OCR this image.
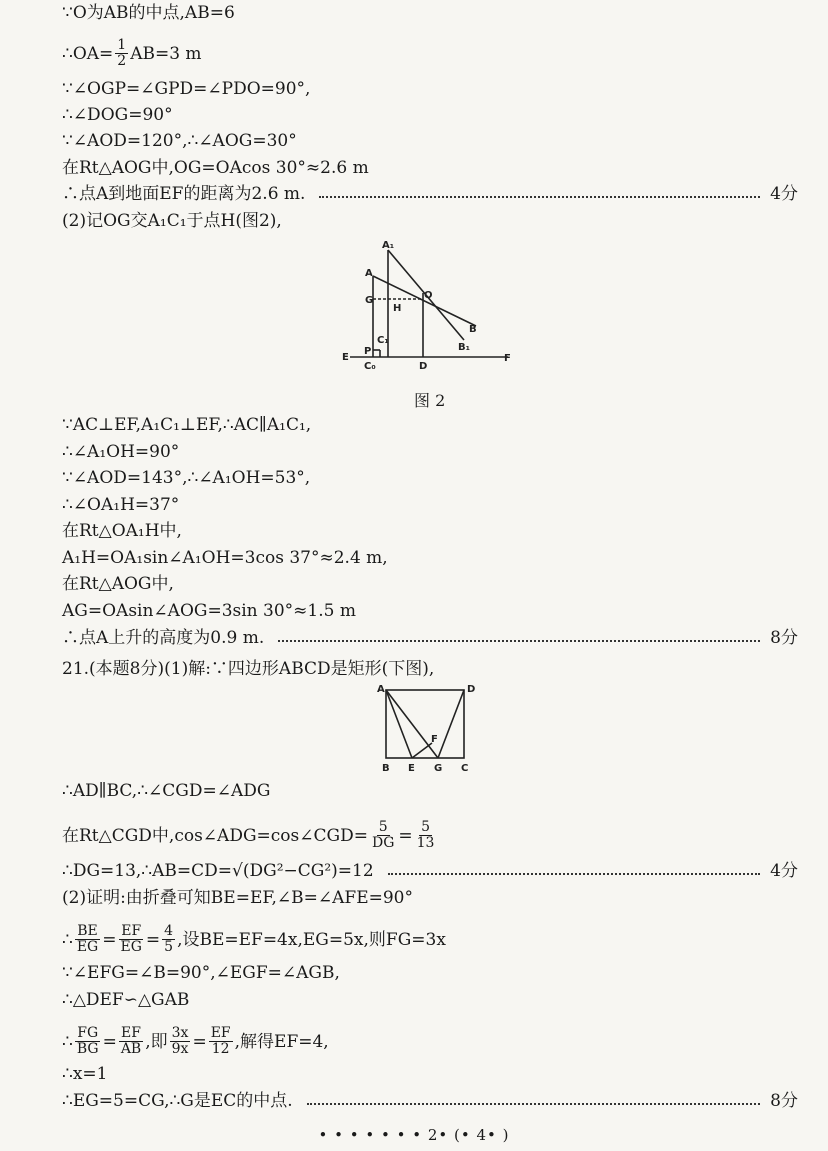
∵O为AB的中点,AB=6
∴OA= $\frac{1}{2} AB=3$ m
∵∠OGP=∠GPD=∠PDO=90°,
∴∠DOG=90°
∵∠AOD=120°,∴∠AOG=30°
在Rt△AOG中,OG=OAcos 30°≈2.6 m
∴点A到地面EF的距离为2.6 m.	4分
(2)记OG交A₁C₁于点H(图2),
A₁
A
O
G
H
C₁
P
E
C₀	D
F
B
B₁
图 2
∵AC⊥EF,A₁C₁⊥EF,∴AC∥A₁C₁,
∴∠A₁OH=90°
∵∠AOD=143°,∴∠A₁OH=53°,
∴∠OA₁H=37°
在Rt△OA₁H中,
A₁H=OA₁sin∠A₁OH=3cos 37°≈2.4 m,
在Rt△AOG中,
AG=OAsin∠AOG=3sin 30°≈1.5 m
∴点A上升的高度为0.9 m.	8分
21.(本题8分)(1)解:∵四边形ABCD是矩形(下图),
A	D
F
B E G C
∴AD∥BC,∴∠CGD=∠ADG
在Rt△CGD中,cos∠ADG=cos∠CGD= $\frac{5}{DG} = \frac{5}{13}$
∴DG=13,∴AB=CD=√(DG²−CG²)=12	4分
(2)证明:由折叠可知BE=EF,∠B=∠AFE=90°
∴ $\frac{BE}{EG} = \frac{EF}{EG} = \frac{4}{5}$ ,设BE=EF=4x,EG=5x,则FG=3x
∵∠EFG=∠B=90°,∠EGF=∠AGB,
∴△DEF∽△GAB
∴ $\frac{FG}{BG} = \frac{EF}{AB}$ ,即 $\frac{3x}{9x} = \frac{EF}{12}$ ,解得EF=4,
∴x=1
∴EG=5=CG,∴G是EC的中点.	8分
• • • • • • • 2• (• 4• )
